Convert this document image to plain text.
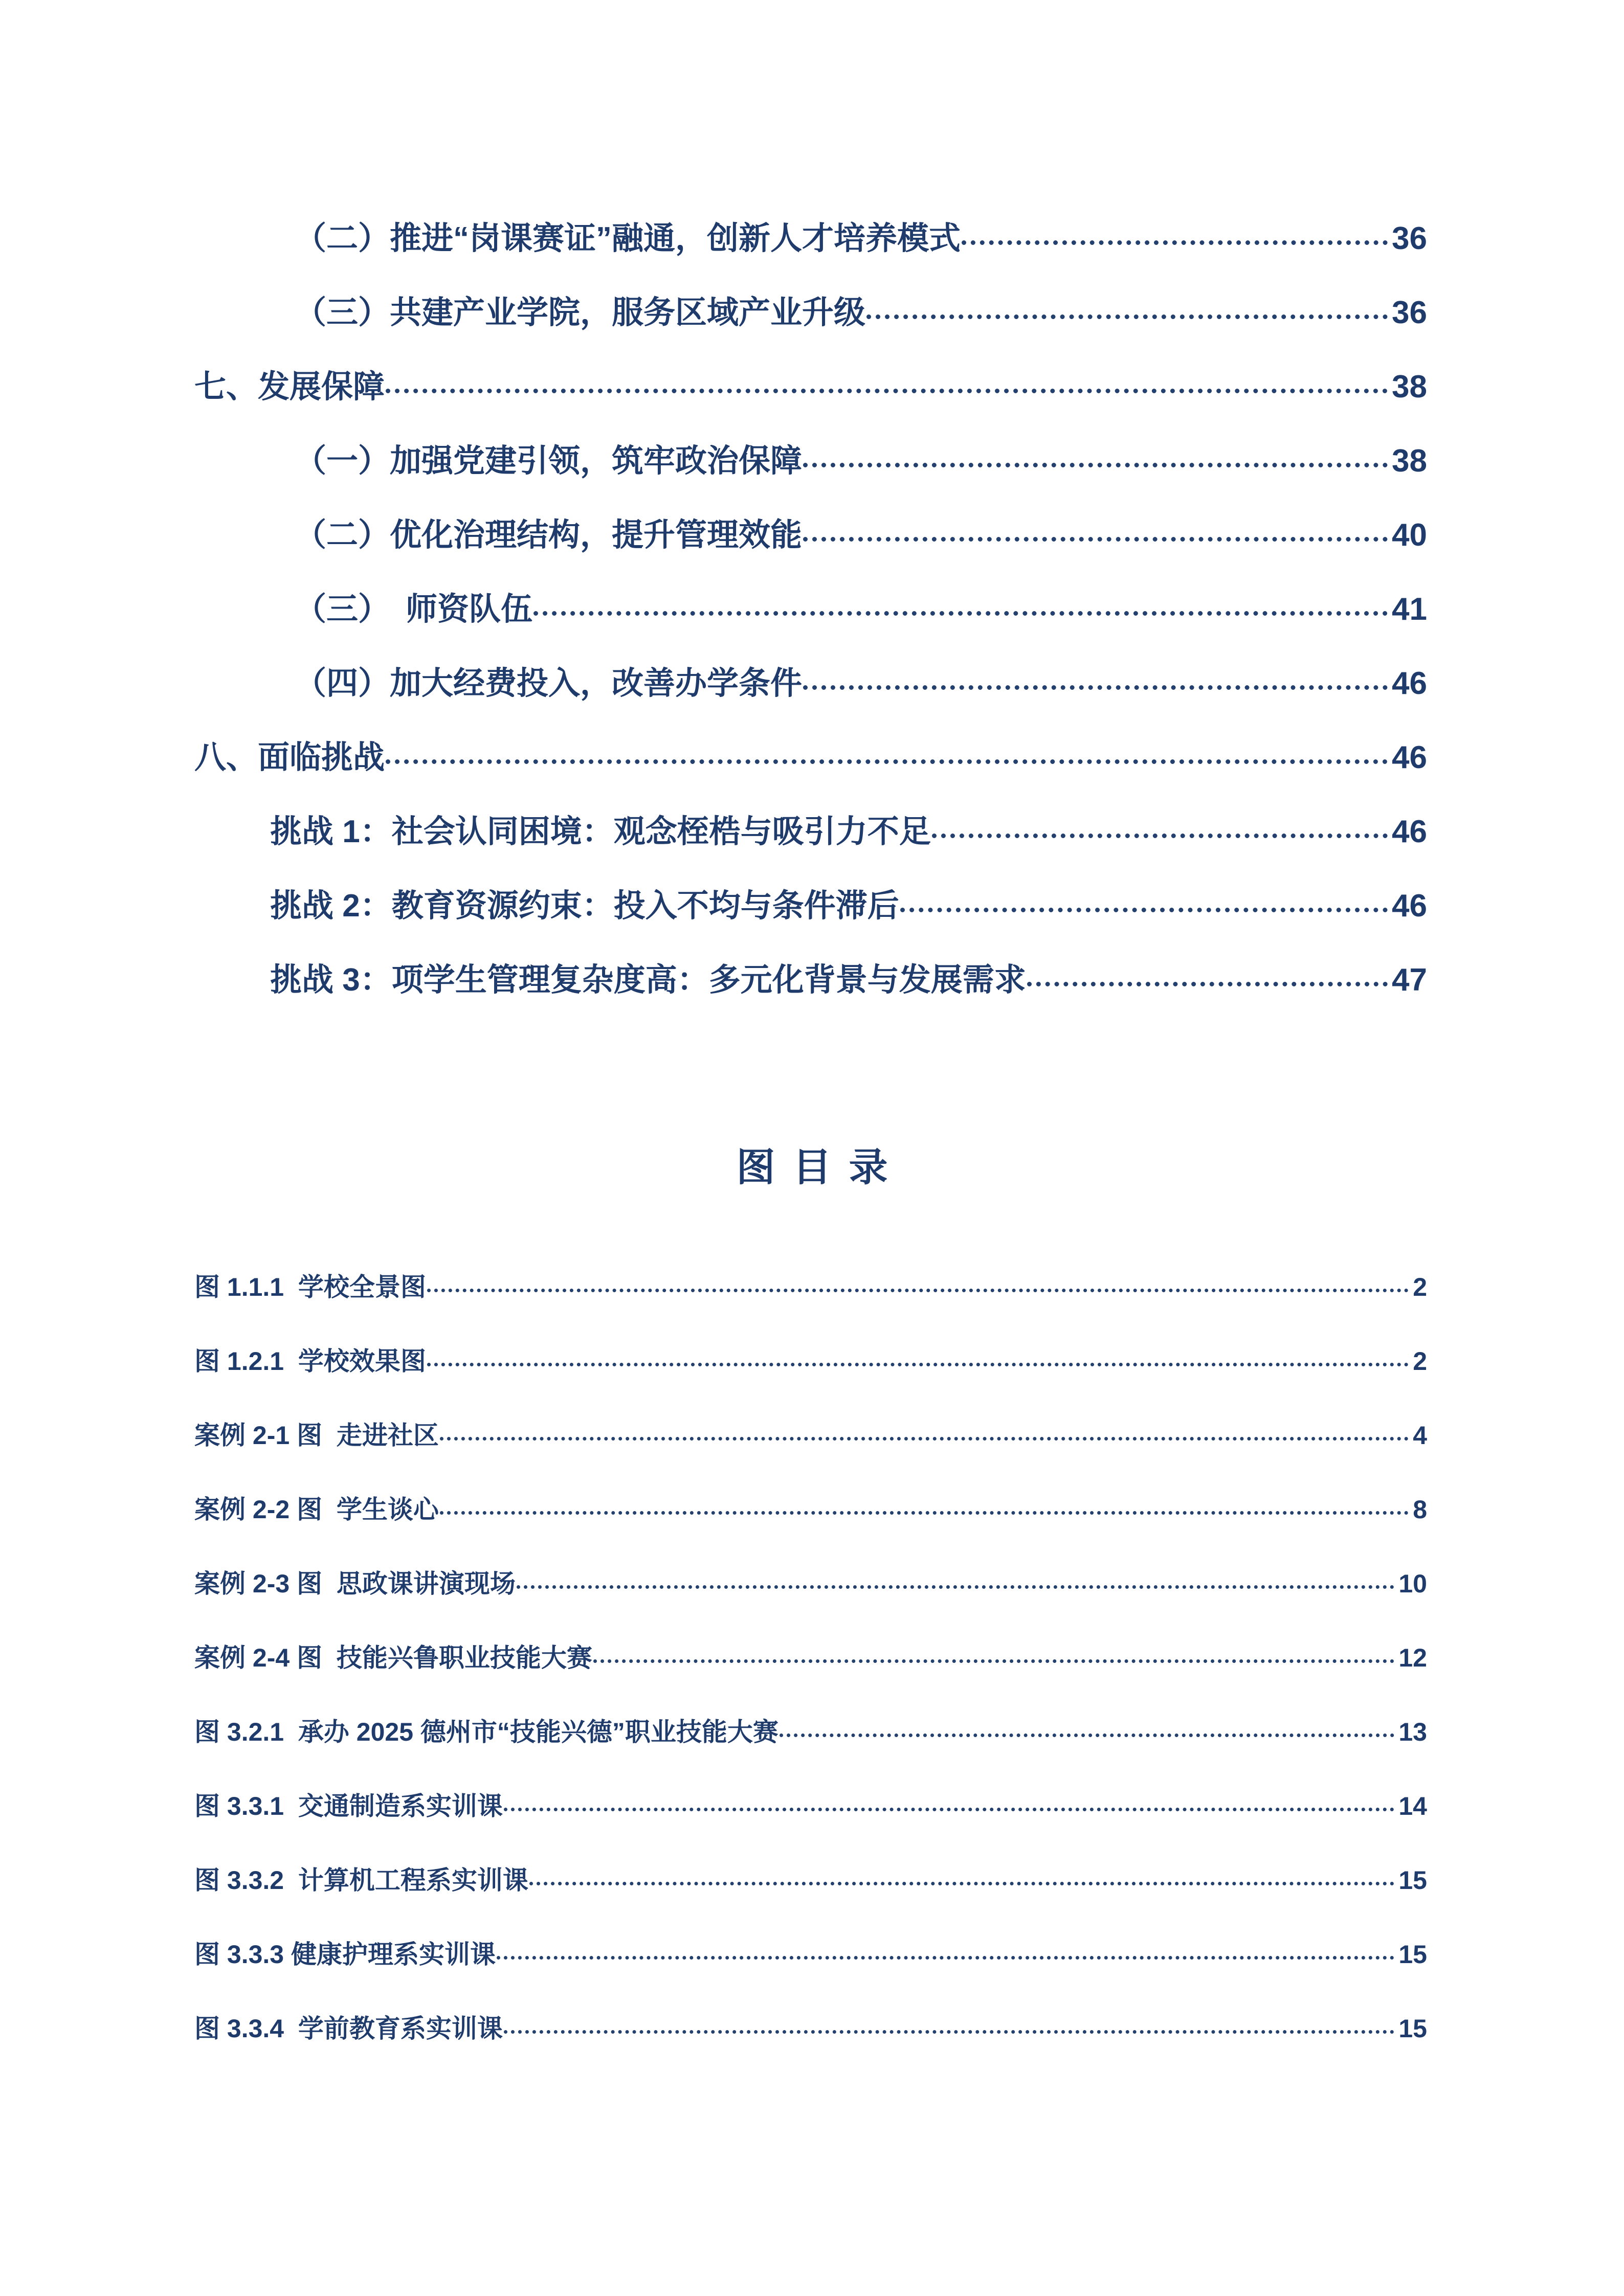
（二）推进“岗课赛证”融通，创新人才培养模式	36
（三）共建产业学院，服务区域产业升级	36
七、发展保障	38
（一）加强党建引领，筑牢政治保障	38
（二）优化治理结构，提升管理效能	40
（三）　师资队伍	41
（四）加大经费投入，改善办学条件	46
八、面临挑战	46
挑战 1：社会认同困境：观念桎梏与吸引力不足	46
挑战 2：教育资源约束：投入不均与条件滞后	46
挑战 3：项学生管理复杂度高：多元化背景与发展需求	47
图目录
图 1.1.1  学校全景图	2
图 1.2.1  学校效果图	2
案例 2-1 图  走进社区	4
案例 2-2 图  学生谈心	8
案例 2-3 图  思政课讲演现场	10
案例 2-4 图  技能兴鲁职业技能大赛	12
图 3.2.1  承办 2025 德州市“技能兴德”职业技能大赛	13
图 3.3.1  交通制造系实训课	14
图 3.3.2  计算机工程系实训课	15
图 3.3.3 健康护理系实训课	15
图 3.3.4  学前教育系实训课	15
